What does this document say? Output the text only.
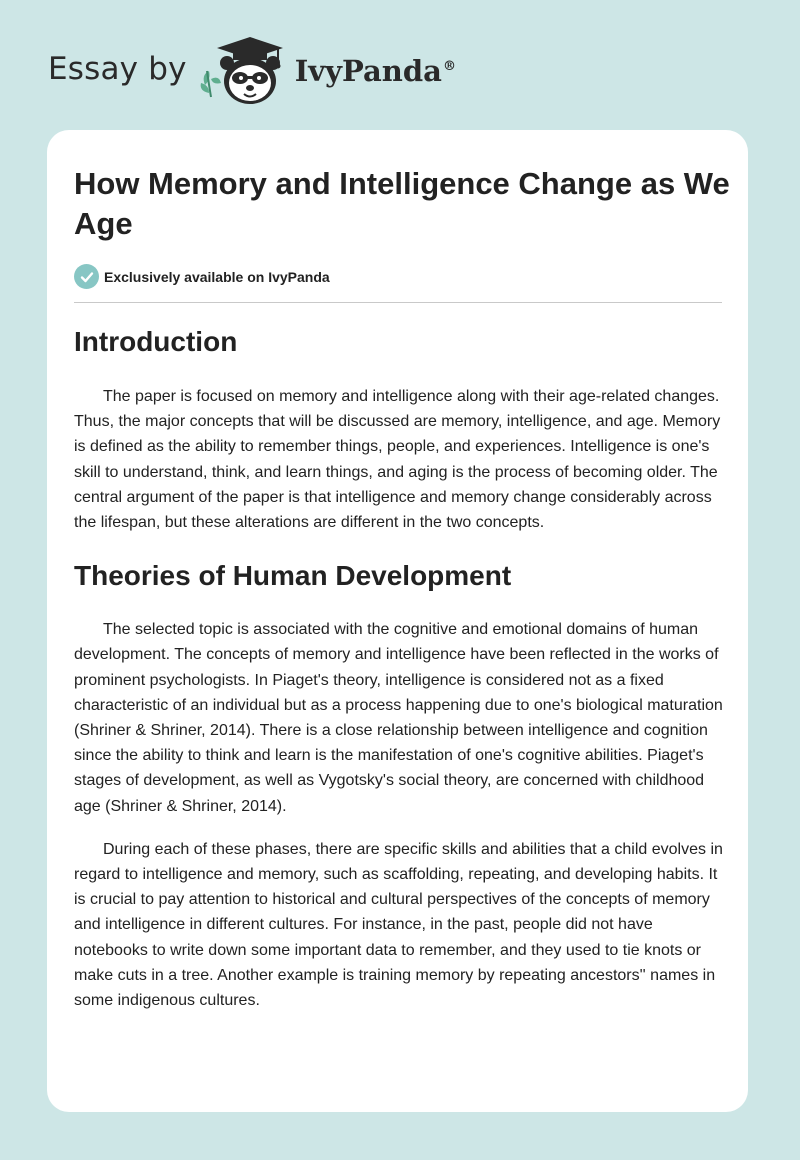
Essay by	IvyPanda®
How Memory and Intelligence Change as We Age
Exclusively available on IvyPanda
Introduction

The paper is focused on memory and intelligence along with their age-related changes. Thus, the major concepts that will be discussed are memory, intelligence, and age. Memory is defined as the ability to remember things, people, and experiences. Intelligence is one's skill to understand, think, and learn things, and aging is the process of becoming older. The central argument of the paper is that intelligence and memory change considerably across the lifespan, but these alterations are different in the two concepts.

Theories of Human Development

The selected topic is associated with the cognitive and emotional domains of human development. The concepts of memory and intelligence have been reflected in the works of prominent psychologists. In Piaget's theory, intelligence is considered not as a fixed characteristic of an individual but as a process happening due to one's biological maturation (Shriner & Shriner, 2014). There is a close relationship between intelligence and cognition since the ability to think and learn is the manifestation of one's cognitive abilities. Piaget's stages of development, as well as Vygotsky's social theory, are concerned with childhood age (Shriner & Shriner, 2014).

During each of these phases, there are specific skills and abilities that a child evolves in regard to intelligence and memory, such as scaffolding, repeating, and developing habits. It is crucial to pay attention to historical and cultural perspectives of the concepts of memory and intelligence in different cultures. For instance, in the past, people did not have notebooks to write down some important data to remember, and they used to tie knots or make cuts in a tree. Another example is training memory by repeating ancestors'' names in some indigenous cultures.
